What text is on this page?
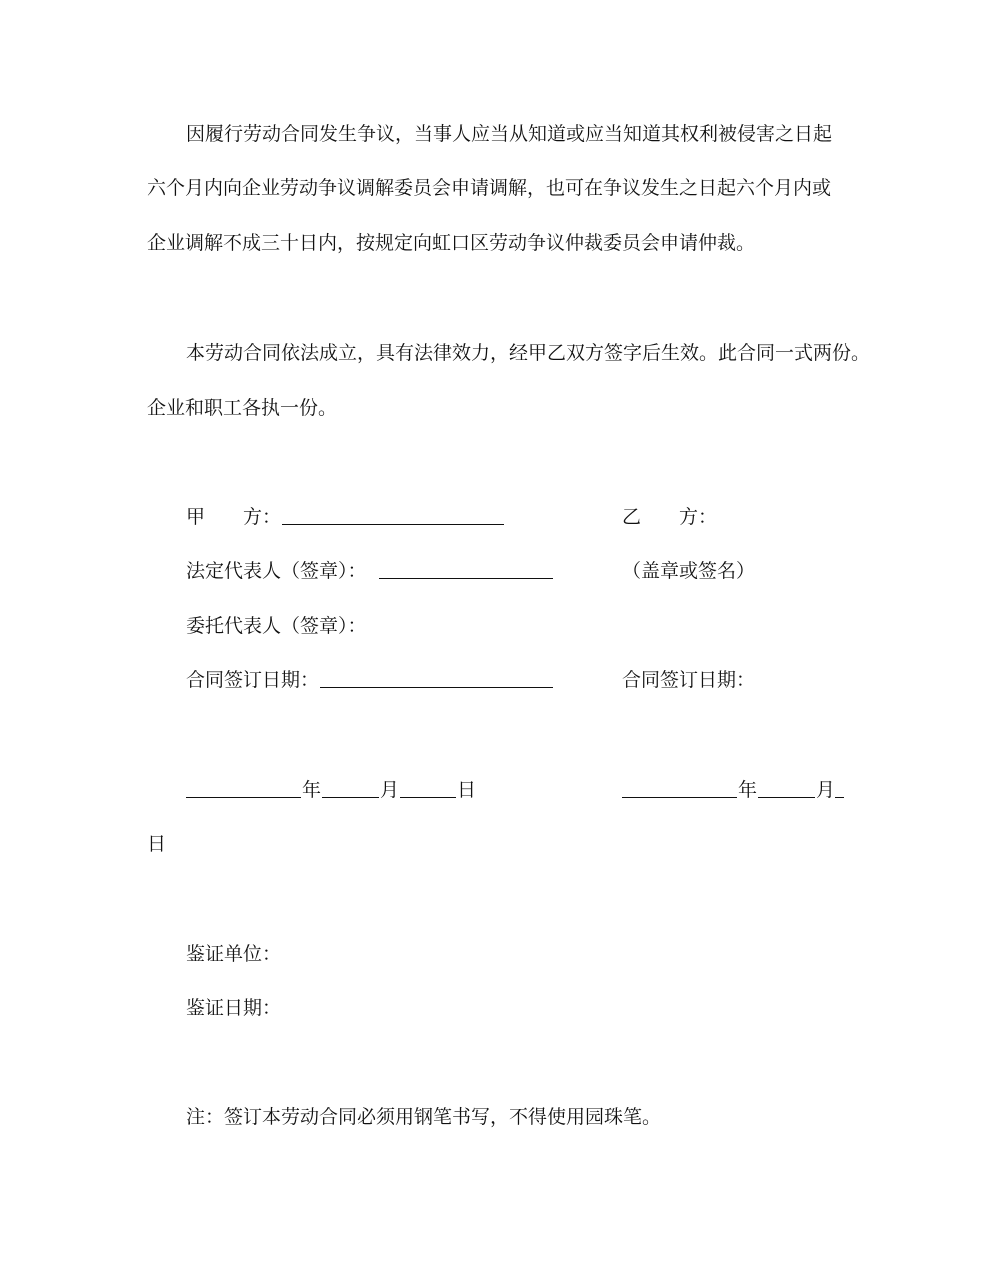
因履行劳动合同发生争议，当事人应当从知道或应当知道其权利被侵害之日起
六个月内向企业劳动争议调解委员会申请调解，也可在争议发生之日起六个月内或
企业调解不成三十日内，按规定向虹口区劳动争议仲裁委员会申请仲裁。
本劳动合同依法成立，具有法律效力，经甲乙双方签字后生效。此合同一式两份。
企业和职工各执一份。
甲　　方：	乙　　方：
法定代表人（签章）：	（盖章或签名）
委托代表人（签章）：
合同签订日期：	合同签订日期：
年	月	日	年	月
日
鉴证单位：
鉴证日期：
注：签订本劳动合同必须用钢笔书写，不得使用园珠笔。
